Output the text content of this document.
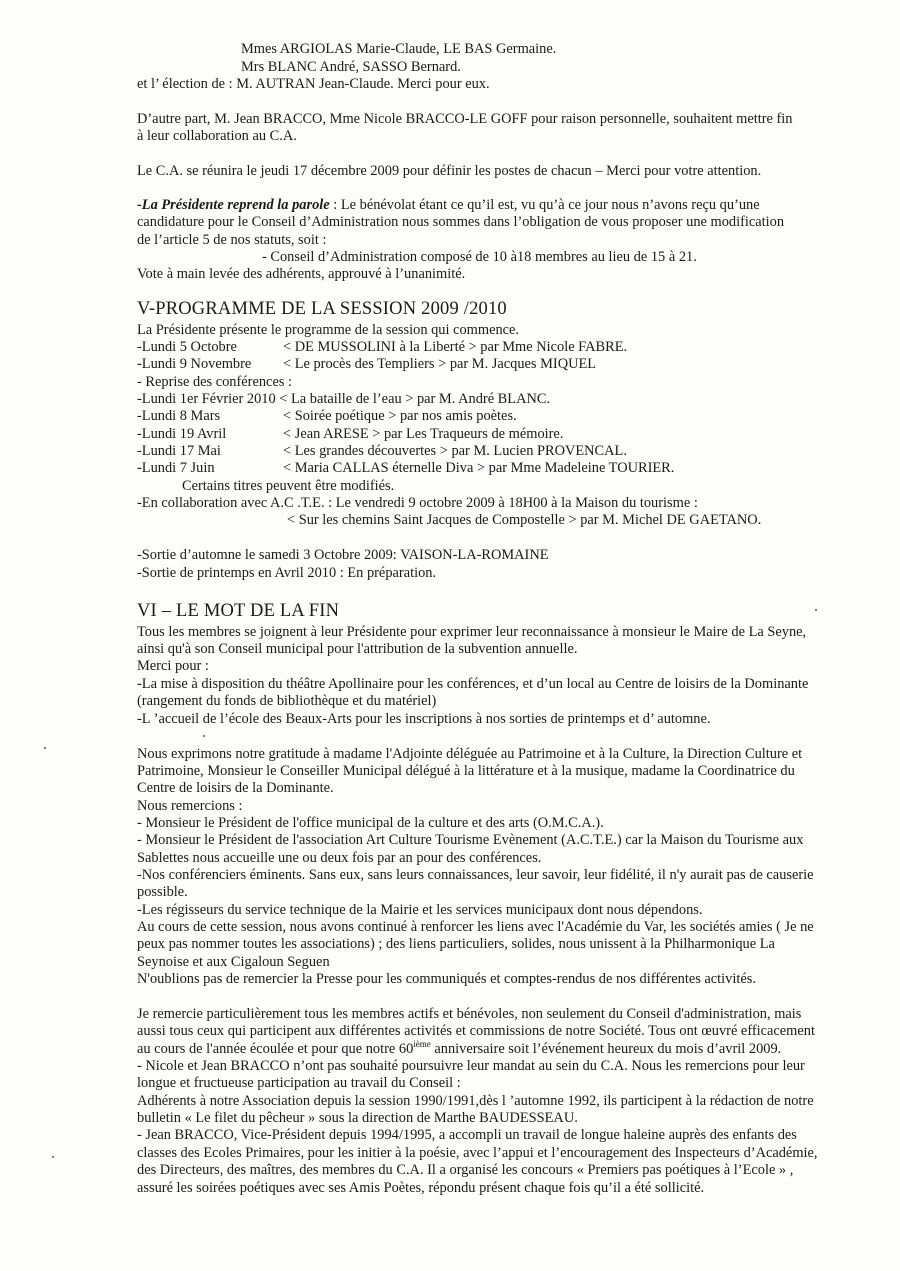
Mmes ARGIOLAS Marie-Claude, LE BAS Germaine.
Mrs BLANC André, SASSO Bernard.
et l’ élection de : M. AUTRAN Jean-Claude. Merci pour eux.
D’autre part, M. Jean BRACCO, Mme Nicole BRACCO-LE GOFF pour raison personnelle, souhaitent mettre fin
à leur collaboration au C.A.
Le C.A. se réunira le jeudi 17 décembre 2009 pour définir les postes de chacun – Merci pour votre attention.
-La Présidente reprend la parole : Le bénévolat étant ce qu’il est, vu qu’à ce jour nous n’avons reçu qu’une
candidature pour le Conseil d’Administration nous sommes dans l’obligation de vous proposer une modification
de l’article 5 de nos statuts, soit :
- Conseil d’Administration composé de 10 à18 membres au lieu de 15 à 21.
Vote à main levée des adhérents, approuvé à l’unanimité.
V-PROGRAMME DE LA SESSION 2009 /2010
La Présidente présente le programme de la session qui commence.
-Lundi 5 Octobre	< DE MUSSOLINI à la Liberté > par Mme Nicole FABRE.
-Lundi 9 Novembre < Le procès des Templiers > par M. Jacques MIQUEL
- Reprise des conférences :
-Lundi 1er Février 2010 < La bataille de l’eau > par M. André BLANC.
-Lundi 8 Mars	< Soirée poétique > par nos amis poètes.
-Lundi 19 Avril	< Jean ARESE > par Les Traqueurs de mémoire.
-Lundi 17 Mai	< Les grandes découvertes > par M. Lucien PROVENCAL.
-Lundi 7 Juin	< Maria CALLAS éternelle Diva > par Mme Madeleine TOURIER.
Certains titres peuvent être modifiés.
-En collaboration avec A.C .T.E. : Le vendredi 9 octobre 2009 à 18H00 à la Maison du tourisme :
< Sur les chemins Saint Jacques de Compostelle > par M. Michel DE GAETANO.
-Sortie d’automne le samedi 3 Octobre 2009: VAISON-LA-ROMAINE
-Sortie de printemps en Avril 2010 : En préparation.
VI – LE MOT DE LA FIN
Tous les membres se joignent à leur Présidente pour exprimer leur reconnaissance à monsieur le Maire de La Seyne,
ainsi qu'à son Conseil municipal pour l'attribution de la subvention annuelle.
Merci pour :
-La mise à disposition du théâtre Apollinaire pour les conférences, et d’un local au Centre de loisirs de la Dominante
(rangement du fonds de bibliothèque et du matériel)
-L ’accueil de l’école des Beaux-Arts pour les inscriptions à nos sorties de printemps et d’ automne.
Nous exprimons notre gratitude à madame l'Adjointe déléguée au Patrimoine et à la Culture, la Direction Culture et
Patrimoine, Monsieur le Conseiller Municipal délégué à la littérature et à la musique, madame la Coordinatrice du
Centre de loisirs de la Dominante.
Nous remercions :
- Monsieur le Président de l'office municipal de la culture et des arts (O.M.C.A.).
- Monsieur le Président de l'association Art Culture Tourisme Evènement (A.C.T.E.) car la Maison du Tourisme aux
Sablettes nous accueille une ou deux fois par an pour des conférences.
-Nos conférenciers éminents. Sans eux, sans leurs connaissances, leur savoir, leur fidélité, il n'y aurait pas de causerie
possible.
-Les régisseurs du service technique de la Mairie et les services municipaux dont nous dépendons.
Au cours de cette session, nous avons continué à renforcer les liens avec l'Académie du Var, les sociétés amies ( Je ne
peux pas nommer toutes les associations) ; des liens particuliers, solides, nous unissent à la Philharmonique La
Seynoise et aux Cigaloun Seguen
N'oublions pas de remercier la Presse pour les communiqués et comptes-rendus de nos différentes activités.
Je remercie particulièrement tous les membres actifs et bénévoles, non seulement du Conseil d'administration, mais
aussi tous ceux qui participent aux différentes activités et commissions de notre Société. Tous ont œuvré efficacement
au cours de l'année écoulée et pour que notre 60ième anniversaire soit l’événement heureux du mois d’avril 2009.
- Nicole et Jean BRACCO n’ont pas souhaité poursuivre leur mandat au sein du C.A. Nous les remercions pour leur
longue et fructueuse participation au travail du Conseil :
Adhérents à notre Association depuis la session 1990/1991,dès l ’automne 1992, ils participent à la rédaction de notre
bulletin « Le filet du pêcheur » sous la direction de Marthe BAUDESSEAU.
- Jean BRACCO, Vice-Président depuis 1994/1995, a accompli un travail de longue haleine auprès des enfants des
classes des Ecoles Primaires, pour les initier à la poésie, avec l’appui et l’encouragement des Inspecteurs d’Académie,
des Directeurs, des maîtres, des membres du C.A. Il a organisé les concours « Premiers pas poétiques à l’Ecole » ,
assuré les soirées poétiques avec ses Amis Poètes, répondu présent chaque fois qu’il a été sollicité.
